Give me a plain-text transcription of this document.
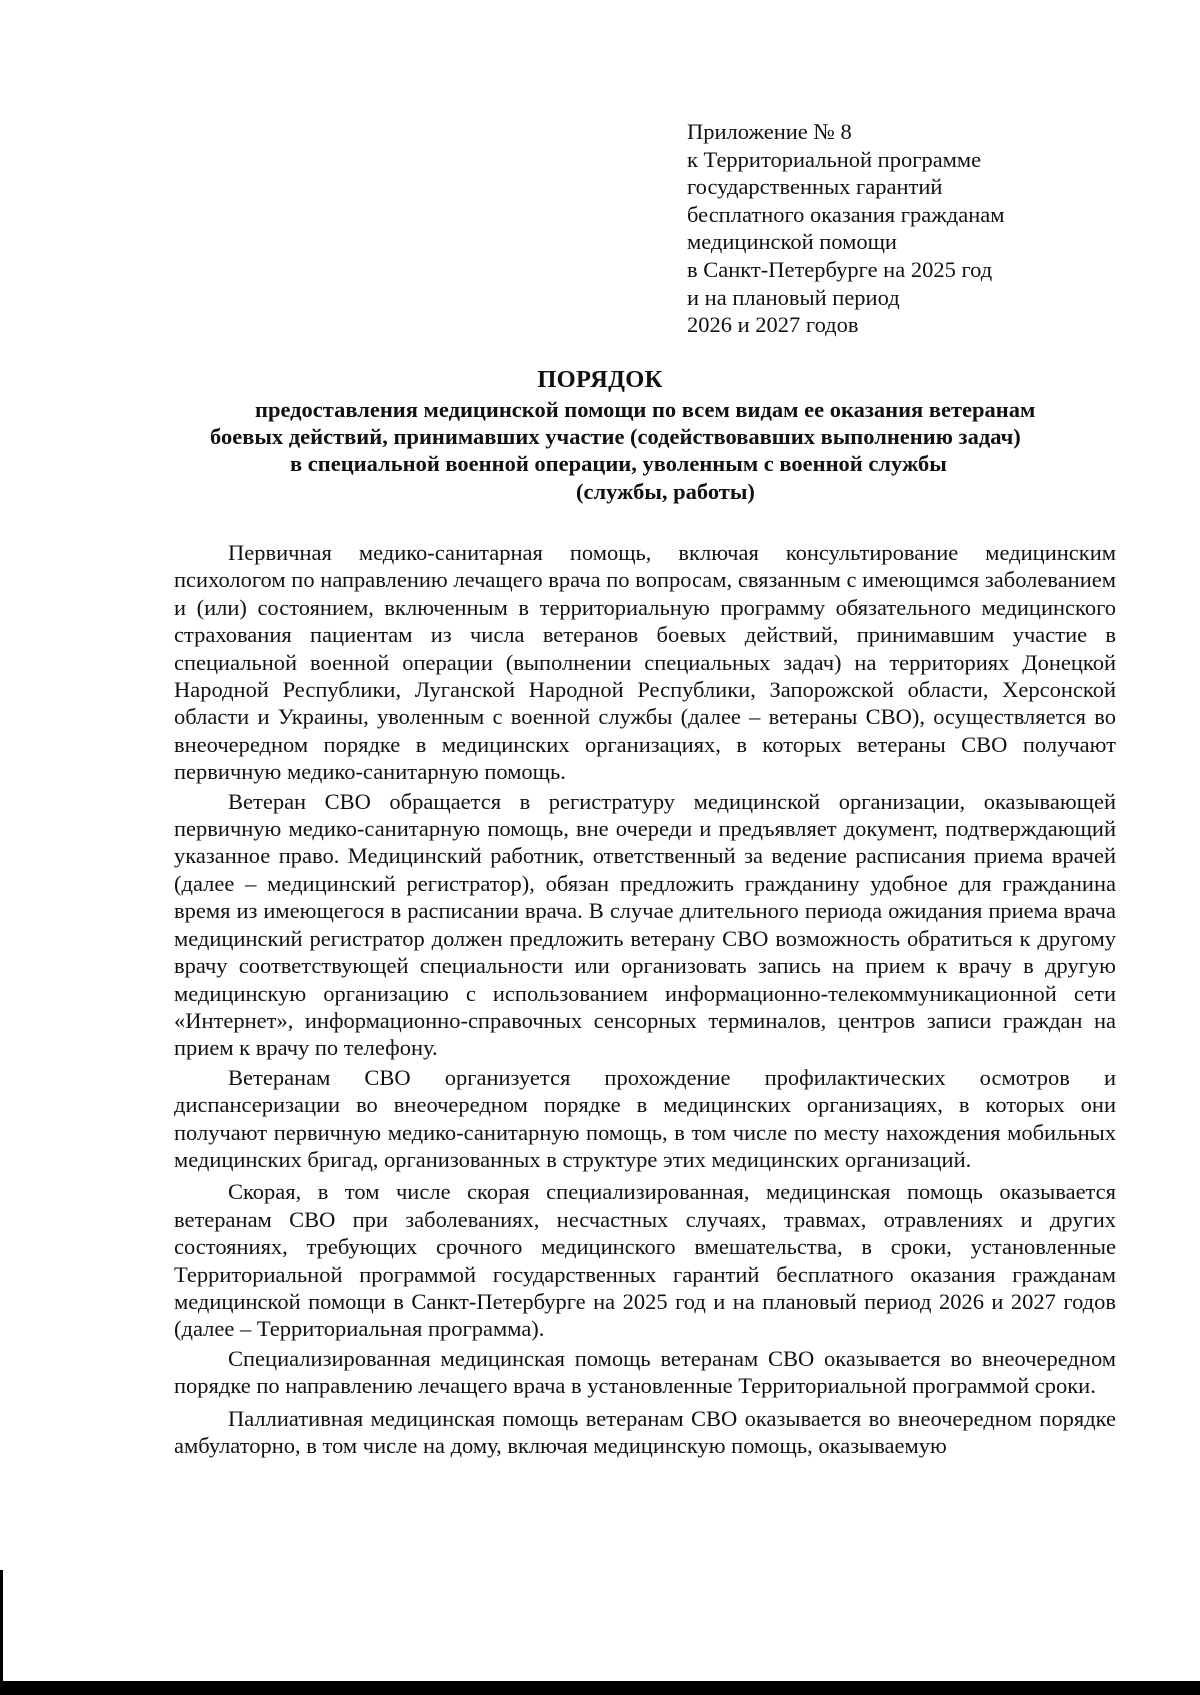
Приложение № 8
к Территориальной программе
государственных гарантий
бесплатного оказания гражданам
медицинской помощи
в Санкт-Петербурге на 2025 год
и на плановый период
2026 и 2027 годов
ПОРЯДОК
предоставления медицинской помощи по всем видам ее оказания ветеранам
боевых действий, принимавших участие (содействовавших выполнению задач)
в специальной военной операции, уволенным с военной службы
(службы, работы)

Первичная медико-санитарная помощь, включая консультирование медицинским психологом по направлению лечащего врача по вопросам, связанным с имеющимся заболеванием и (или) состоянием, включенным в территориальную программу обязательного медицинского страхования пациентам из числа ветеранов боевых действий, принимавшим участие в специальной военной операции (выполнении специальных задач) на территориях Донецкой Народной Республики, Луганской Народной Республики, Запорожской области, Херсонской области и Украины, уволенным с военной службы (далее – ветераны СВО), осуществляется во внеочередном порядке в медицинских организациях, в которых ветераны СВО получают первичную медико-санитарную помощь.

Ветеран СВО обращается в регистратуру медицинской организации, оказывающей первичную медико-санитарную помощь, вне очереди и предъявляет документ, подтверждающий указанное право. Медицинский работник, ответственный за ведение расписания приема врачей (далее – медицинский регистратор), обязан предложить гражданину удобное для гражданина время из имеющегося в расписании врача. В случае длительного периода ожидания приема врача медицинский регистратор должен предложить ветерану СВО возможность обратиться к другому врачу соответствующей специальности или организовать запись на прием к врачу в другую медицинскую организацию с использованием информационно-телекоммуникационной сети «Интернет», информационно-справочных сенсорных терминалов, центров записи граждан на прием к врачу по телефону.

Ветеранам СВО организуется прохождение профилактических осмотров и диспансеризации во внеочередном порядке в медицинских организациях, в которых они получают первичную медико-санитарную помощь, в том числе по месту нахождения мобильных медицинских бригад, организованных в структуре этих медицинских организаций.

Скорая, в том числе скорая специализированная, медицинская помощь оказывается ветеранам СВО при заболеваниях, несчастных случаях, травмах, отравлениях и других состояниях, требующих срочного медицинского вмешательства, в сроки, установленные Территориальной программой государственных гарантий бесплатного оказания гражданам медицинской помощи в Санкт-Петербурге на 2025 год и на плановый период 2026 и 2027 годов (далее – Территориальная программа).

Специализированная медицинская помощь ветеранам СВО оказывается во внеочередном порядке по направлению лечащего врача в установленные Территориальной программой сроки.

Паллиативная медицинская помощь ветеранам СВО оказывается во внеочередном порядке амбулаторно, в том числе на дому, включая медицинскую помощь, оказываемую
